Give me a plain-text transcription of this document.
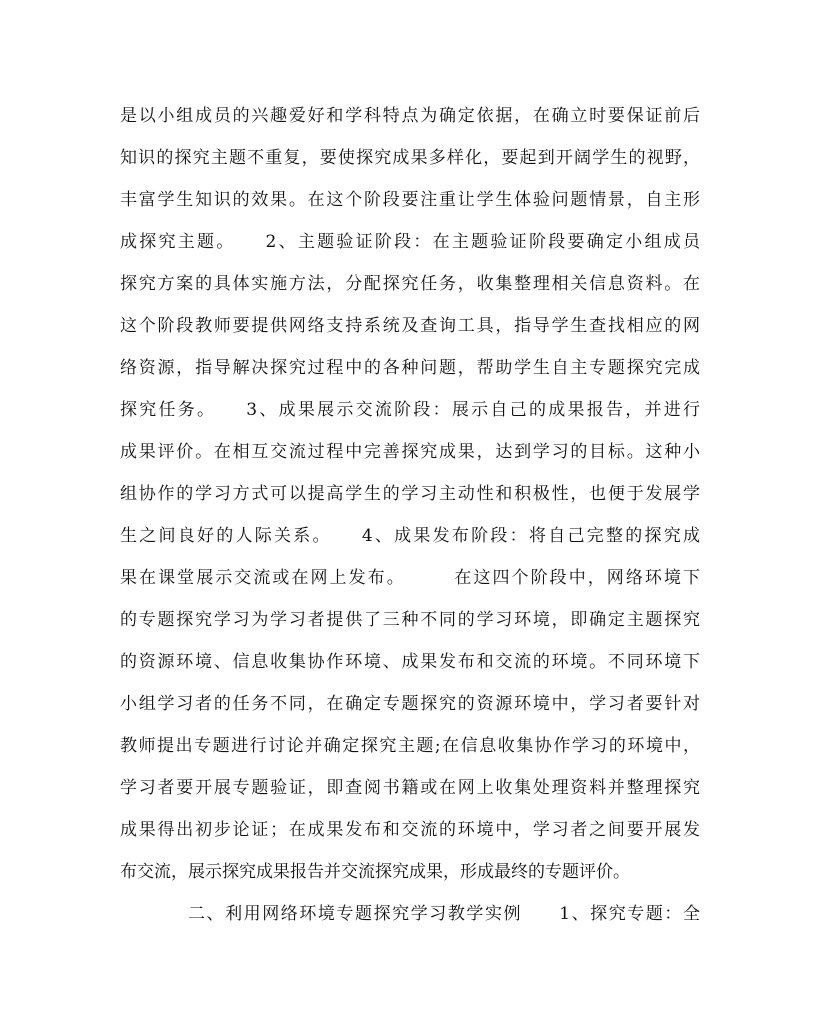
是以小组成员的兴趣爱好和学科特点为确定依据，在确立时要保证前后
知识的探究主题不重复，要使探究成果多样化，要起到开阔学生的视野，
丰富学生知识的效果。在这个阶段要注重让学生体验问题情景，自主形
成探究主题。　　2、主题验证阶段：在主题验证阶段要确定小组成员
探究方案的具体实施方法，分配探究任务，收集整理相关信息资料。在
这个阶段教师要提供网络支持系统及查询工具，指导学生查找相应的网
络资源，指导解决探究过程中的各种问题，帮助学生自主专题探究完成
探究任务。　　3、成果展示交流阶段：展示自己的成果报告，并进行
成果评价。在相互交流过程中完善探究成果，达到学习的目标。这种小
组协作的学习方式可以提高学生的学习主动性和积极性，也便于发展学
生之间良好的人际关系。　　4、成果发布阶段：将自己完整的探究成
果在课堂展示交流或在网上发布。　　　在这四个阶段中，网络环境下
的专题探究学习为学习者提供了三种不同的学习环境，即确定主题探究
的资源环境、信息收集协作环境、成果发布和交流的环境。不同环境下
小组学习者的任务不同，在确定专题探究的资源环境中，学习者要针对
教师提出专题进行讨论并确定探究主题;在信息收集协作学习的环境中，
学习者要开展专题验证，即查阅书籍或在网上收集处理资料并整理探究
成果得出初步论证；在成果发布和交流的环境中，学习者之间要开展发
布交流，展示探究成果报告并交流探究成果，形成最终的专题评价。
二、利用网络环境专题探究学习教学实例　　1、探究专题：全
